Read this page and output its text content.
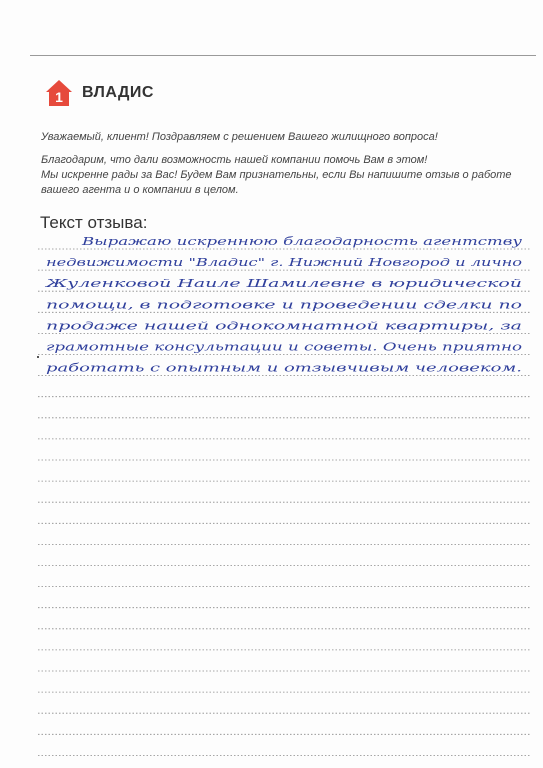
1 ВЛАДИС

Уважаемый, клиент! Поздравляем с решением Вашего жилищного вопроса!

Благодарим, что дали возможность нашей компании помочь Вам в этом!

Мы искренне рады за Вас! Будем Вам признательны, если Вы напишите отзыв о работе

вашего агента и о компании в целом.

Текст отзыва:
Выражаю искреннюю благодарность агентству
недвижимости "Владис" г. Нижний Новгород и лично
Жуленковой Наиле Шамилевне в юридической
помощи, в подготовке и проведении сделки по
продаже нашей однокомнатной квартиры, за
грамотные консультации и советы. Очень приятно
работать с опытным и отзывчивым человеком.
